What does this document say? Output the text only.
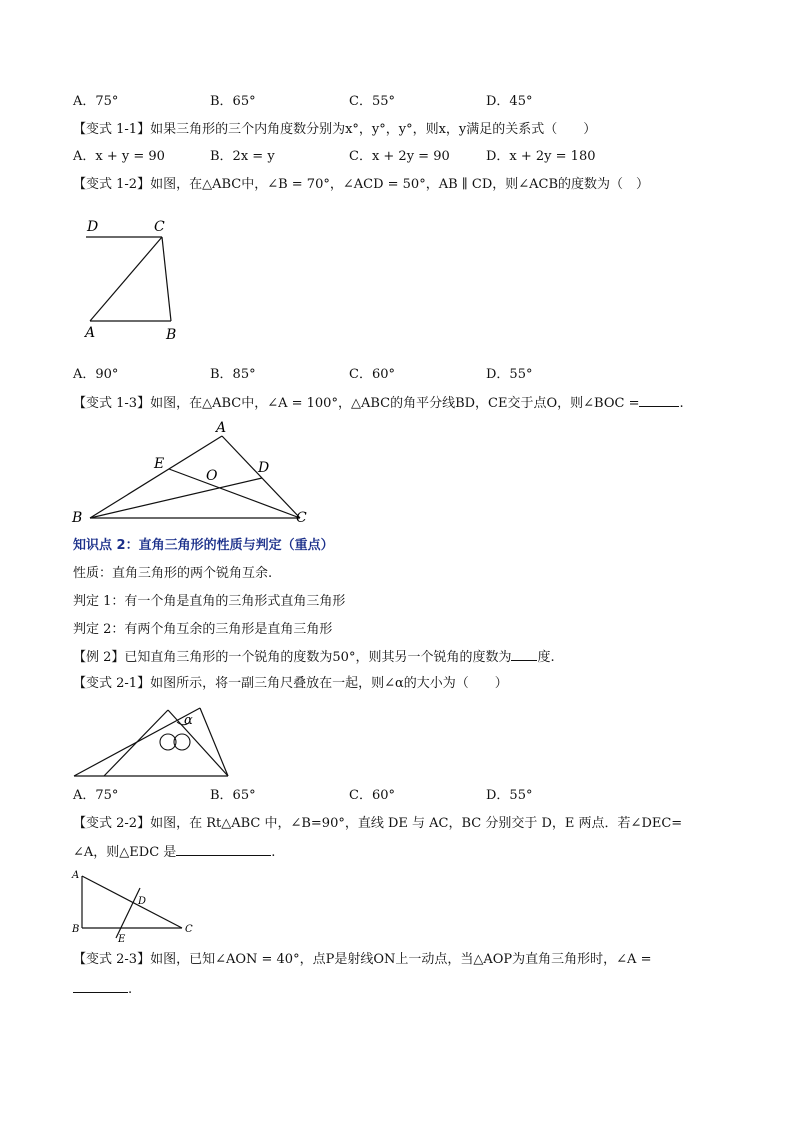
A．75°	B．65°	C．55°	D．45°
【变式 1-1】如果三角形的三个内角度数分别为x°，y°，y°，则x，y满足的关系式（　　）
A．x + y = 90	B．2x = y	C．x + 2y = 90	D．x + 2y = 180
【变式 1-2】如图，在△ABC中，∠B = 70°，∠ACD = 50°，AB ∥ CD，则∠ACB的度数为（　）
D	C
A	B
A．90°	B．85°	C．60°	D．55°
【变式 1-3】如图，在△ABC中，∠A = 100°，△ABC的角平分线BD，CE交于点O，则∠BOC =	.
A
E
O	D
B	C
知识点 2：直角三角形的性质与判定（重点）
性质：直角三角形的两个锐角互余.
判定 1：有一个角是直角的三角形式直角三角形
判定 2：有两个角互余的三角形是直角三角形
【例 2】已知直角三角形的一个锐角的度数为50°，则其另一个锐角的度数为 度.
【变式 2-1】如图所示，将一副三角尺叠放在一起，则∠α的大小为（　　）
α
A．75°	B．65°	C．60°	D．55°
【变式 2-2】如图，在 Rt△ABC 中，∠B=90°，直线 DE 与 AC，BC 分别交于 D，E 两点．若∠DEC=
∠A，则△EDC 是	.
A
B	C
D
E
【变式 2-3】如图，已知∠AON = 40°，点P是射线ON上一动点，当△AOP为直角三角形时，∠A =
.
